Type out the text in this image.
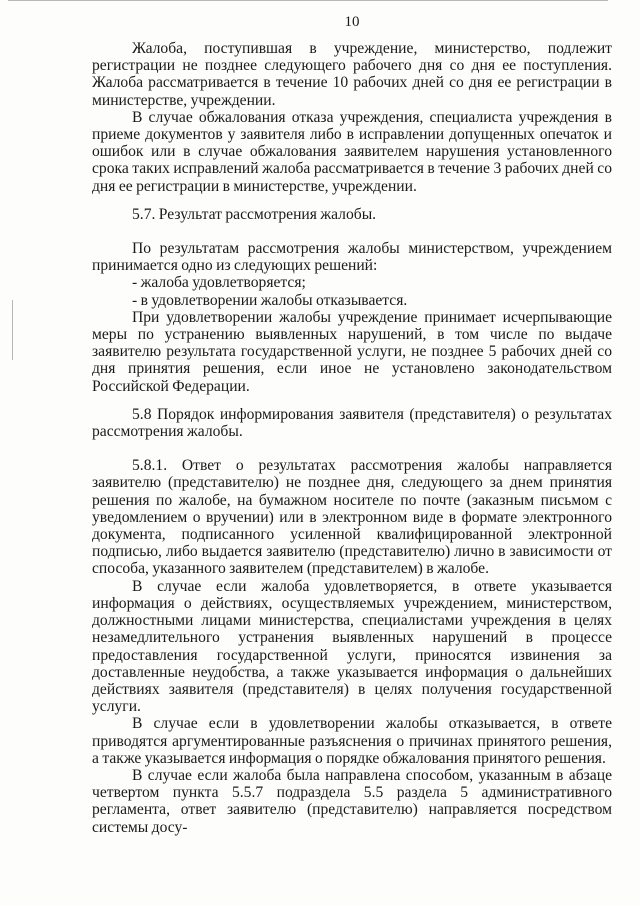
10

Жалоба, поступившая в учреждение, министерство, подлежит регистрации не позднее следующего рабочего дня со дня ее поступления. Жалоба рассматривается в течение 10 рабочих дней со дня ее регистрации в министерстве, учреждении.

В случае обжалования отказа учреждения, специалиста учреждения в приеме документов у заявителя либо в исправлении допущенных опечаток и ошибок или в случае обжалования заявителем нарушения установленного срока таких исправлений жалоба рассматривается в течение 3 рабочих дней со дня ее регистрации в министерстве, учреждении.

5.7. Результат рассмотрения жалобы.

По результатам рассмотрения жалобы министерством, учреждением принимается одно из следующих решений:

- жалоба удовлетворяется;

- в удовлетворении жалобы отказывается.

При удовлетворении жалобы учреждение принимает исчерпывающие меры по устранению выявленных нарушений, в том числе по выдаче заявителю результата государственной услуги, не позднее 5 рабочих дней со дня принятия решения, если иное не установлено законодательством Российской Федерации.

5.8 Порядок информирования заявителя (представителя) о результатах рассмотрения жалобы.

5.8.1. Ответ о результатах рассмотрения жалобы направляется заявителю (представителю) не позднее дня, следующего за днем принятия решения по жалобе, на бумажном носителе по почте (заказным письмом с уведомлением о вручении) или в электронном виде в формате электронного документа, подписанного усиленной квалифицированной электронной подписью, либо выдается заявителю (представителю) лично в зависимости от способа, указанного заявителем (представителем) в жалобе.

В случае если жалоба удовлетворяется, в ответе указывается информация о действиях, осуществляемых учреждением, министерством, должностными лицами министерства, специалистами учреждения в целях незамедлительного устранения выявленных нарушений в процессе предоставления государственной услуги, приносятся извинения за доставленные неудобства, а также указывается информация о дальнейших действиях заявителя (представителя) в целях получения государственной услуги.

В случае если в удовлетворении жалобы отказывается, в ответе приводятся аргументированные разъяснения о причинах принятого решения, а также указывается информация о порядке обжалования принятого решения.

В случае если жалоба была направлена способом, указанным в абзаце четвертом пункта 5.5.7 подраздела 5.5 раздела 5 административного регламента, ответ заявителю (представителю) направляется посредством системы досу-
